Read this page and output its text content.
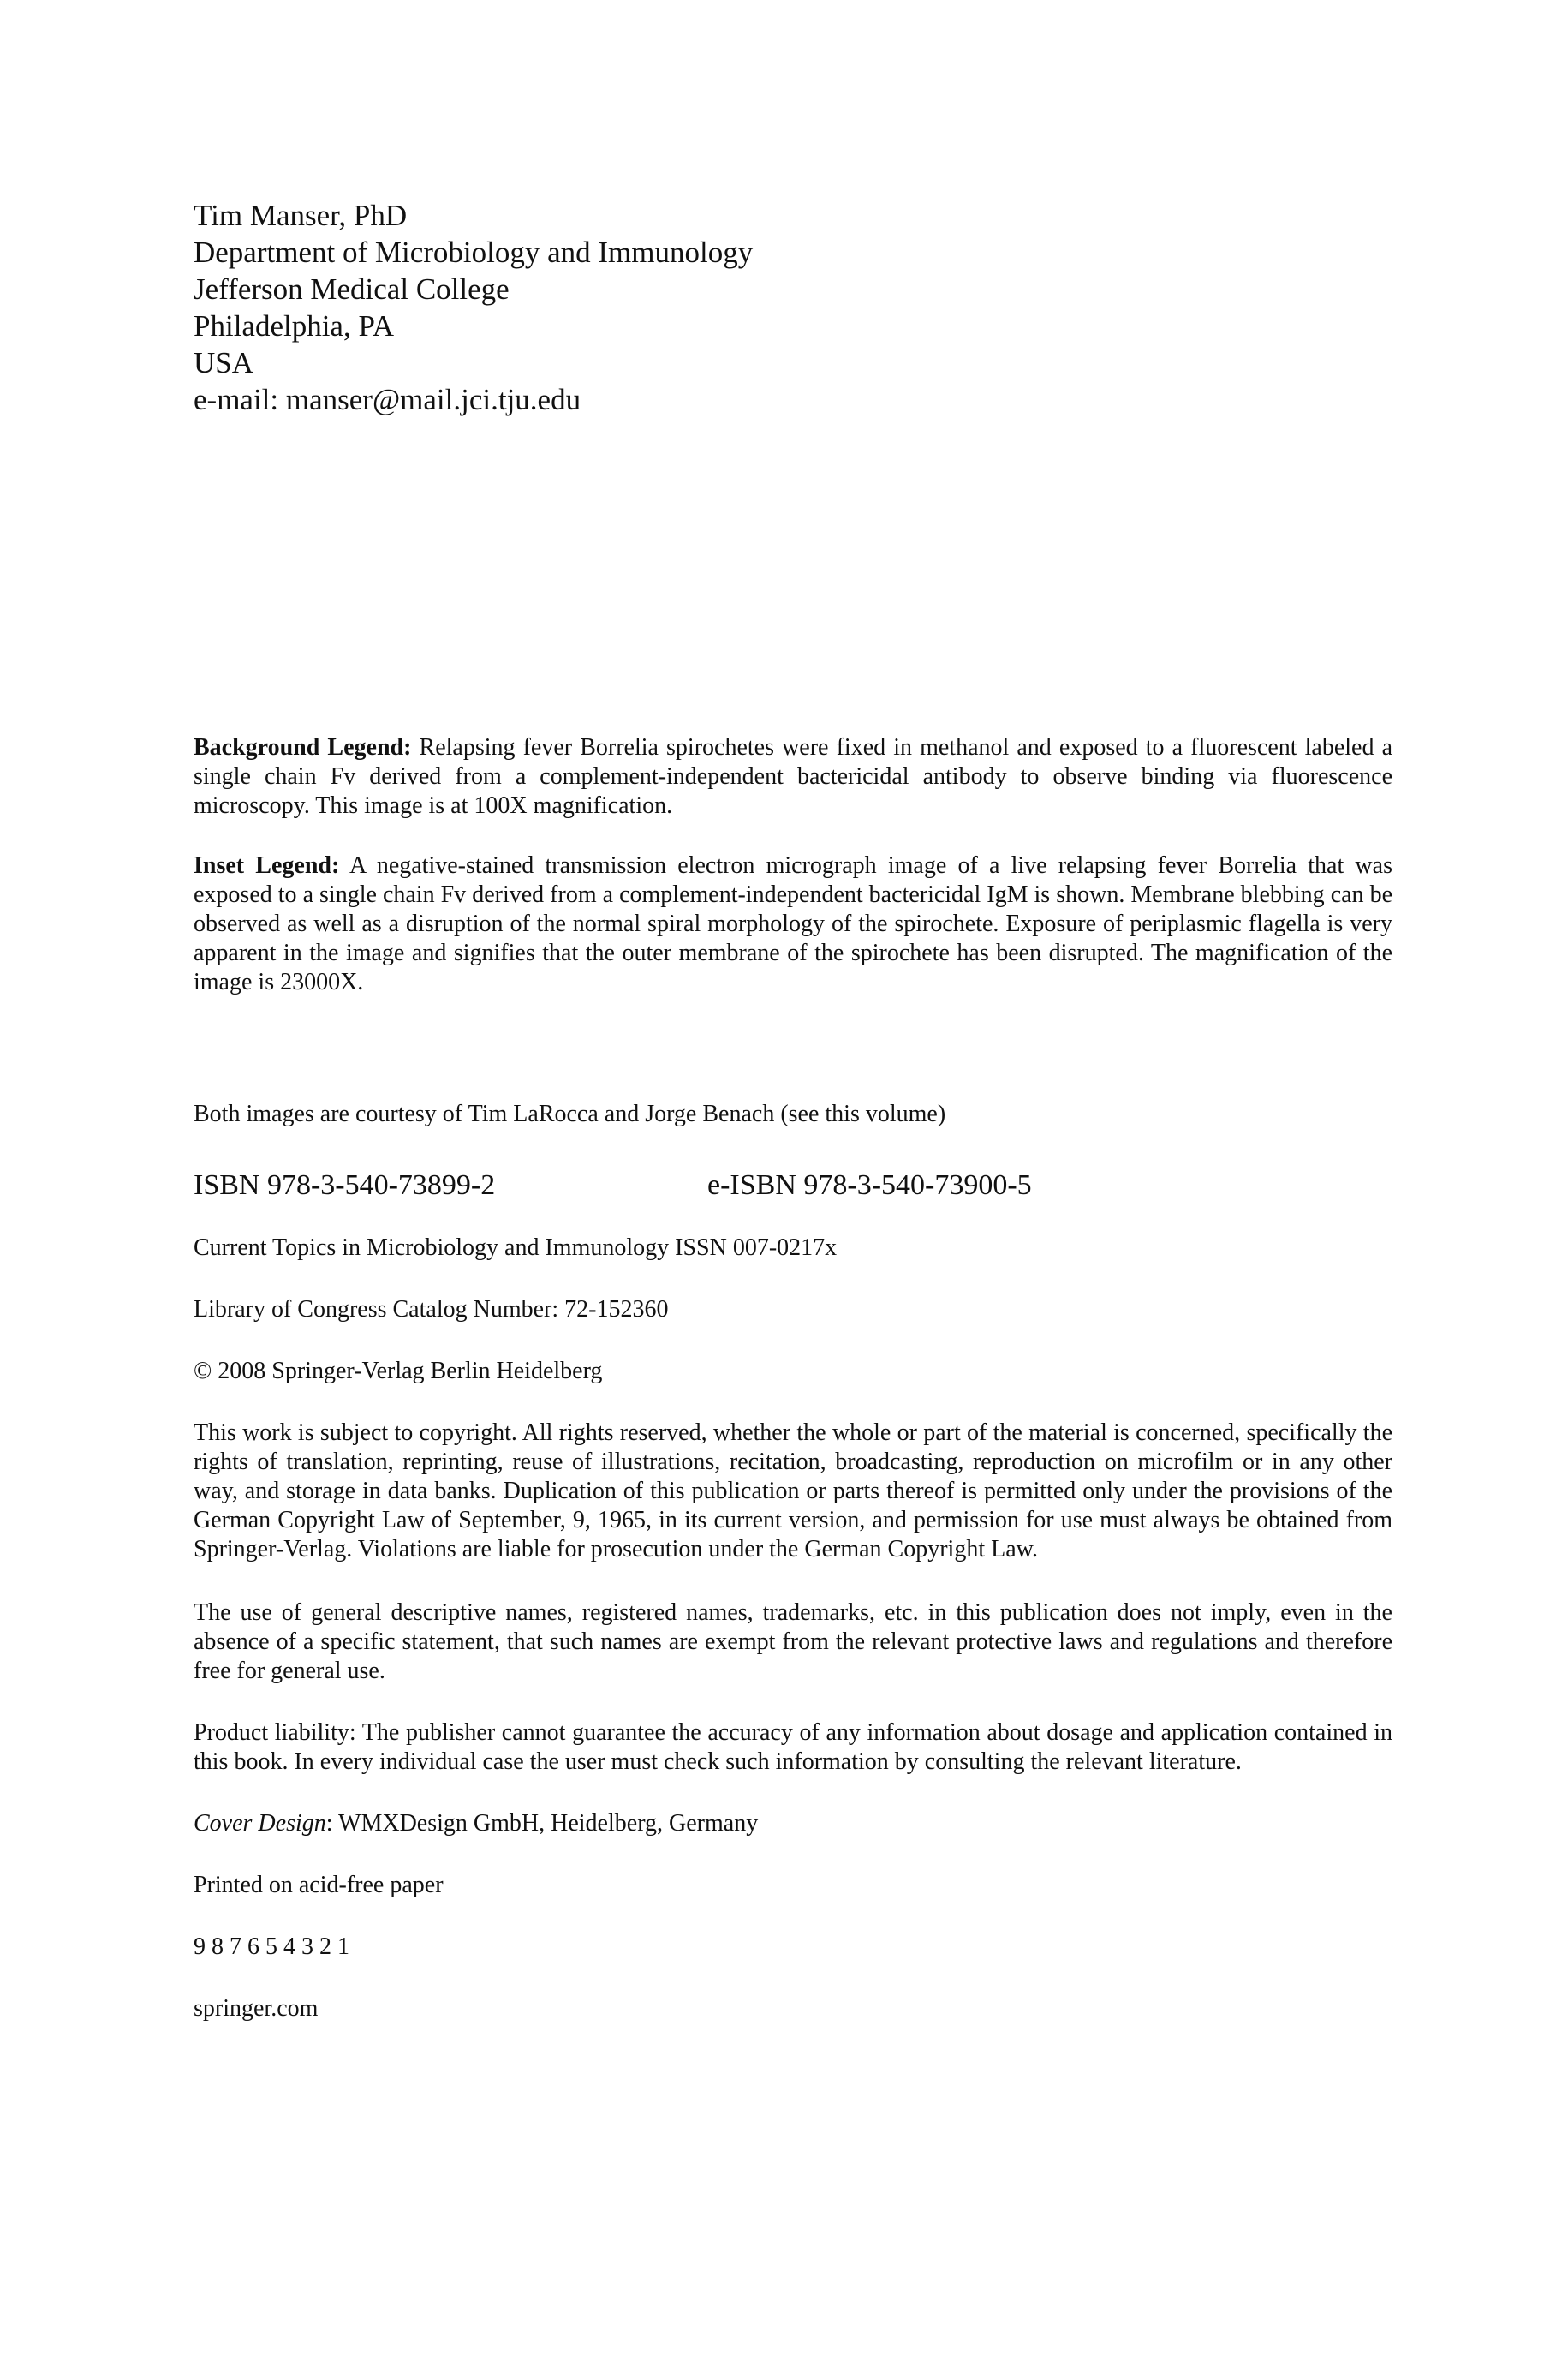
Tim Manser, PhD
Department of Microbiology and Immunology
Jefferson Medical College
Philadelphia, PA
USA
e-mail: manser@mail.jci.tju.edu

Background Legend: Relapsing fever Borrelia spirochetes were fixed in methanol and exposed to a fluorescent labeled a single chain Fv derived from a complement-independent bactericidal antibody to observe binding via fluorescence microscopy. This image is at 100X magnification.

Inset Legend: A negative-stained transmission electron micrograph image of a live relapsing fever Borrelia that was exposed to a single chain Fv derived from a complement-independent bactericidal IgM is shown. Membrane blebbing can be observed as well as a disruption of the normal spiral morphology of the spirochete. Exposure of periplasmic flagella is very apparent in the image and signifies that the outer membrane of the spirochete has been disrupted. The magnification of the image is 23000X.

Both images are courtesy of Tim LaRocca and Jorge Benach (see this volume)
ISBN 978-3-540-73899-2	e-ISBN 978-3-540-73900-5

Current Topics in Microbiology and Immunology ISSN 007-0217x

Library of Congress Catalog Number: 72-152360

© 2008 Springer-Verlag Berlin Heidelberg

This work is subject to copyright. All rights reserved, whether the whole or part of the material is concerned, specifically the rights of translation, reprinting, reuse of illustrations, recitation, broadcasting, reproduction on microfilm or in any other way, and storage in data banks. Duplication of this publication or parts thereof is permitted only under the provisions of the German Copyright Law of September, 9, 1965, in its current version, and permission for use must always be obtained from Springer-Verlag. Violations are liable for prosecution under the German Copyright Law.

The use of general descriptive names, registered names, trademarks, etc. in this publication does not imply, even in the absence of a specific statement, that such names are exempt from the relevant protective laws and regulations and therefore free for general use.

Product liability: The publisher cannot guarantee the accuracy of any information about dosage and application contained in this book. In every individual case the user must check such information by consulting the relevant literature.

Cover Design: WMXDesign GmbH, Heidelberg, Germany

Printed on acid-free paper

9 8 7 6 5 4 3 2 1

springer.com
